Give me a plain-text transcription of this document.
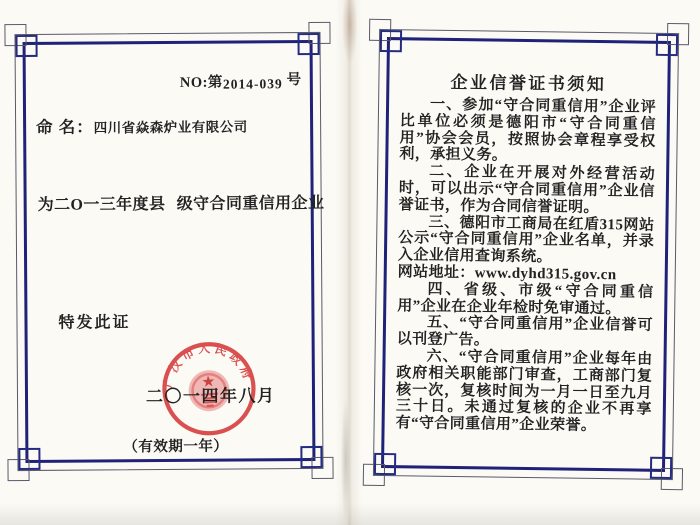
NO:第2014-039 号
命 名：四川省焱森炉业有限公司
为二O一三年度县 级守合同重信用企业
特发此证
广汉市人民政府
二〇一四年八月
（有效期一年）
企业信誉证书须知

一、参加“守合同重信用”企业评比单位必须是德阳市“守合同重信用”协会会员，按照协会章程享受权利，承担义务。

二、企业在开展对外经营活动时，可以出示“守合同重信用”企业信誉证书，作为合同信誉证明。

三、德阳市工商局在红盾315网站公示“守合同重信用”企业名单，并录入企业信用查询系统。

网站地址：www.dyhd315.gov.cn

四、省级、市级“守合同重信用”企业在企业年检时免审通过。

五、“守合同重信用”企业信誉可以刊登广告。

六、“守合同重信用”企业每年由政府相关职能部门审查，工商部门复核一次，复核时间为一月一日至九月三十日。未通过复核的企业不再享有“守合同重信用”企业荣誉。
